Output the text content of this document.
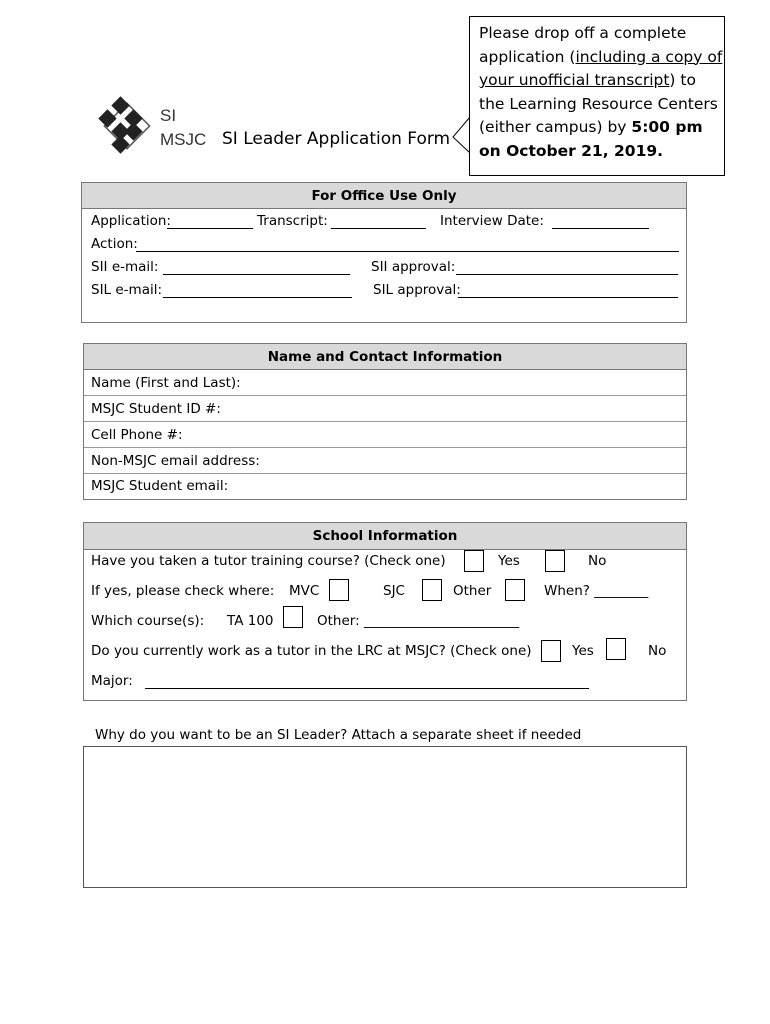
SI
MSJC SI Leader Application Form
Please drop off a complete application (including a copy of your unofficial transcript) to the Learning Resource Centers (either campus) by 5:00 pm on October 21, 2019.
For Office Use Only
Application:	Transcript:	Interview Date:
Action:
SII e-mail:	SII approval:
SIL e-mail:	SIL approval:
Name and Contact Information
Name (First and Last):
MSJC Student ID #:
Cell Phone #:
Non-MSJC email address:
MSJC Student email:
School Information
Have you taken a tutor training course? (Check one)	Yes	No
If yes, please check where: MVC	SJC	Other	When? ________
Which course(s): TA 100	Other: _______________________
Do you currently work as a tutor in the LRC at MSJC? (Check one)	Yes	No
Major:
Why do you want to be an SI Leader? Attach a separate sheet if needed
